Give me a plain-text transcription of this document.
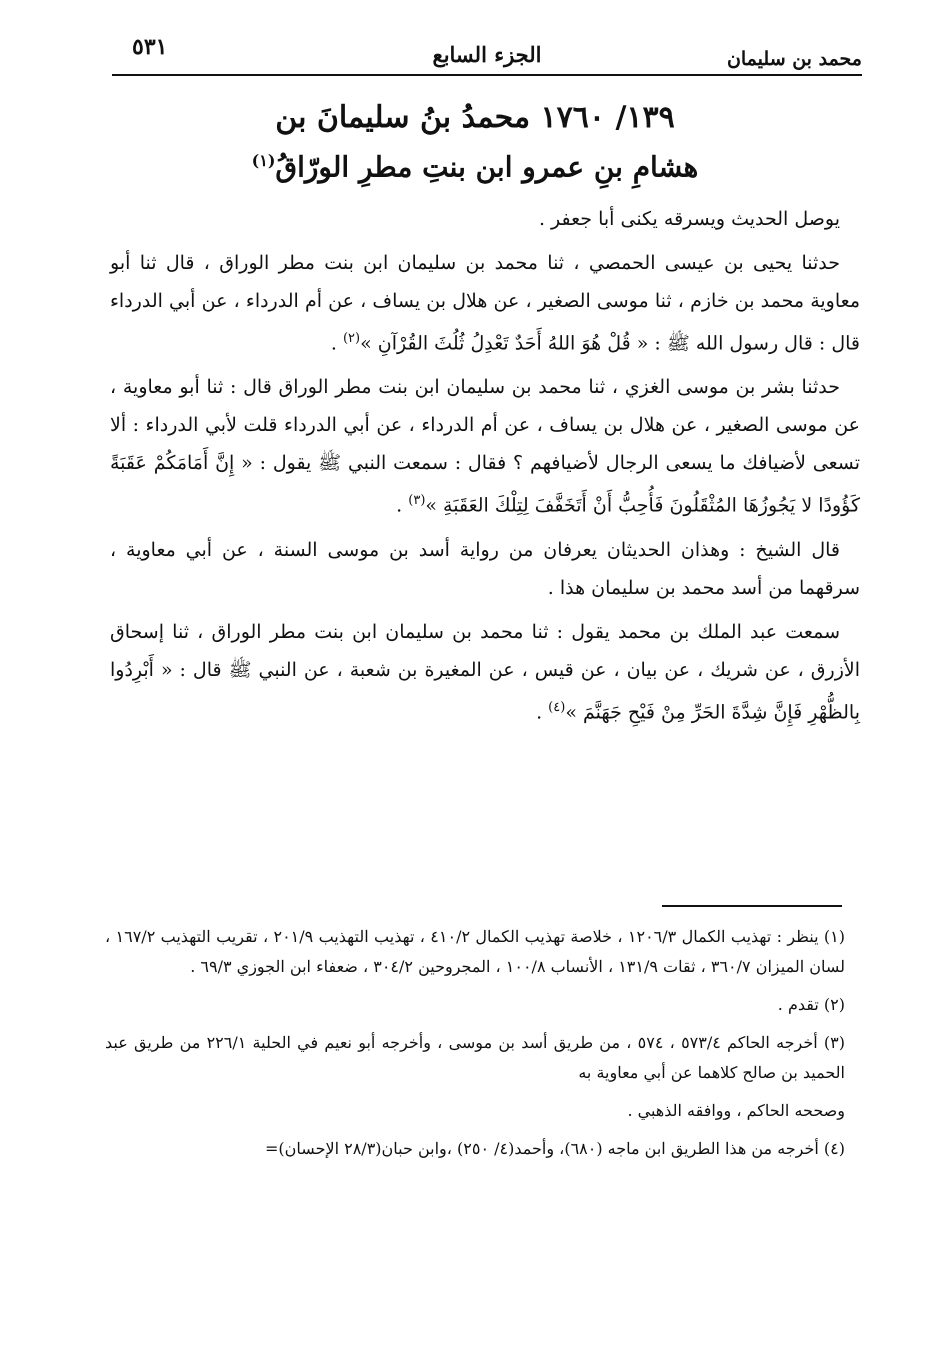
محمد بن سليمان
الجزء السابع
٥٣١
١٣٩/ ١٧٦٠ محمدُ بنُ سليمانَ بن
هشامِ بنِ عمرو ابن بنتِ مطرِ الورّاقُ$^{(١)}$

يوصل الحديث ويسرقه يكنى أبا جعفر .

حدثنا يحيى بن عيسى الحمصي ، ثنا محمد بن سليمان ابن بنت مطر الوراق ، قال ثنا أبو معاوية محمد بن خازم ، ثنا موسى الصغير ، عن هلال بن يساف ، عن أم الدرداء ، عن أبي الدرداء قال : قال رسول الله ﷺ : « قُلْ هُوَ اللهُ أَحَدٌ تَعْدِلُ ثُلُثَ القُرْآنِ »$^{(٢)}$ .

حدثنا بشر بن موسى الغزي ، ثنا محمد بن سليمان ابن بنت مطر الوراق قال : ثنا أبو معاوية ، عن موسى الصغير ، عن هلال بن يساف ، عن أم الدرداء ، عن أبي الدرداء قلت لأبي الدرداء : ألا تسعى لأضيافك ما يسعى الرجال لأضيافهم ؟ فقال : سمعت النبي ﷺ يقول : « إِنَّ أَمَامَكُمْ عَقَبَةً كَؤُودًا لا يَجُوزُهَا المُثْقَلُونَ فَأُحِبُّ أَنْ أَتَخَفَّفَ لِتِلْكَ العَقَبَةِ »$^{(٣)}$ .

قال الشيخ : وهذان الحديثان يعرفان من رواية أسد بن موسى السنة ، عن أبي معاوية ، سرقهما من أسد محمد بن سليمان هذا .

سمعت عبد الملك بن محمد يقول : ثنا محمد بن سليمان ابن بنت مطر الوراق ، ثنا إسحاق الأزرق ، عن شريك ، عن بيان ، عن قيس ، عن المغيرة بن شعبة ، عن النبي ﷺ قال : « أَبْرِدُوا بِالظُّهْرِ فَإِنَّ شِدَّةَ الحَرِّ مِنْ فَيْحِ جَهَنَّمَ »$^{(٤)}$ .

(١) ينظر : تهذيب الكمال ١٢٠٦/٣ ، خلاصة تهذيب الكمال ٤١٠/٢ ، تهذيب التهذيب ٢٠١/٩ ، تقريب التهذيب ١٦٧/٢ ، لسان الميزان ٣٦٠/٧ ، ثقات ١٣١/٩ ، الأنساب ١٠٠/٨ ، المجروحين ٣٠٤/٢ ، ضعفاء ابن الجوزي ٦٩/٣ .

(٢) تقدم .

(٣) أخرجه الحاكم ٥٧٣/٤ ، ٥٧٤ ، من طريق أسد بن موسى ، وأخرجه أبو نعيم في الحلية ٢٢٦/١ من طريق عبد الحميد بن صالح كلاهما عن أبي معاوية به

وصححه الحاكم ، ووافقه الذهبي .

(٤) أخرجه من هذا الطريق ابن ماجه (٦٨٠)، وأحمد(٤/ ٢٥٠) ،وابن حبان(٢٨/٣ الإحسان)=
